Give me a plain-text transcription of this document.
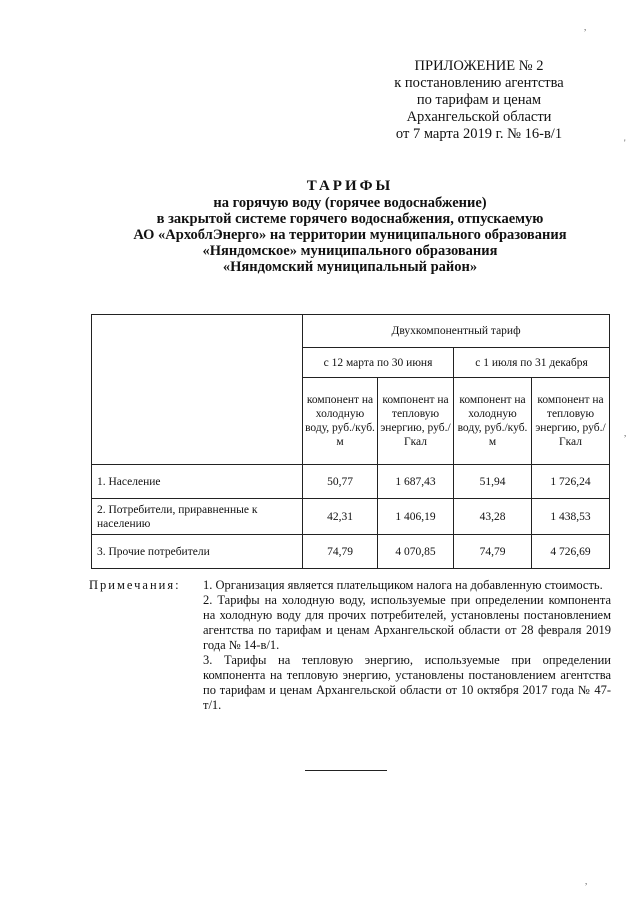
ПРИЛОЖЕНИЕ № 2
к постановлению агентства
по тарифам и ценам
Архангельской области
от 7 марта 2019 г. № 16-в/1
ТАРИФЫ
на горячую воду (горячее водоснабжение)
в закрытой системе горячего водоснабжения, отпускаемую
АО «АрхоблЭнерго» на территории муниципального образования
«Няндомское» муниципального образования
«Няндомский муниципальный район»
	Двухкомпонентный тариф			
	с 12 марта по 30 июня		с 1 июля по 31 декабря	
	компонент на холодную воду, руб./куб. м	компонент на тепловую энергию, руб./Гкал	компонент на холодную воду, руб./куб. м	компонент на тепловую энергию, руб./Гкал
1. Население	50,77	1 687,43	51,94	1 726,24
2. Потребители, приравненные к населению	42,31	1 406,19	43,28	1 438,53
3. Прочие потребители	74,79	4 070,85	74,79	4 726,69
Примечания: 1. Организация является плательщиком налога на добавленную стоимость.

2. Тарифы на холодную воду, используемые при определении компонента на холодную воду для прочих потребителей, установлены постановлением агентства по тарифам и ценам Архангельской области от 28 февраля 2019 года № 14-в/1.

3. Тарифы на тепловую энергию, используемые при определении компонента на тепловую энергию, установлены постановлением агентства по тарифам и ценам Архангельской области от 10 октября 2017 года № 47-т/1.

,
'
,
,
